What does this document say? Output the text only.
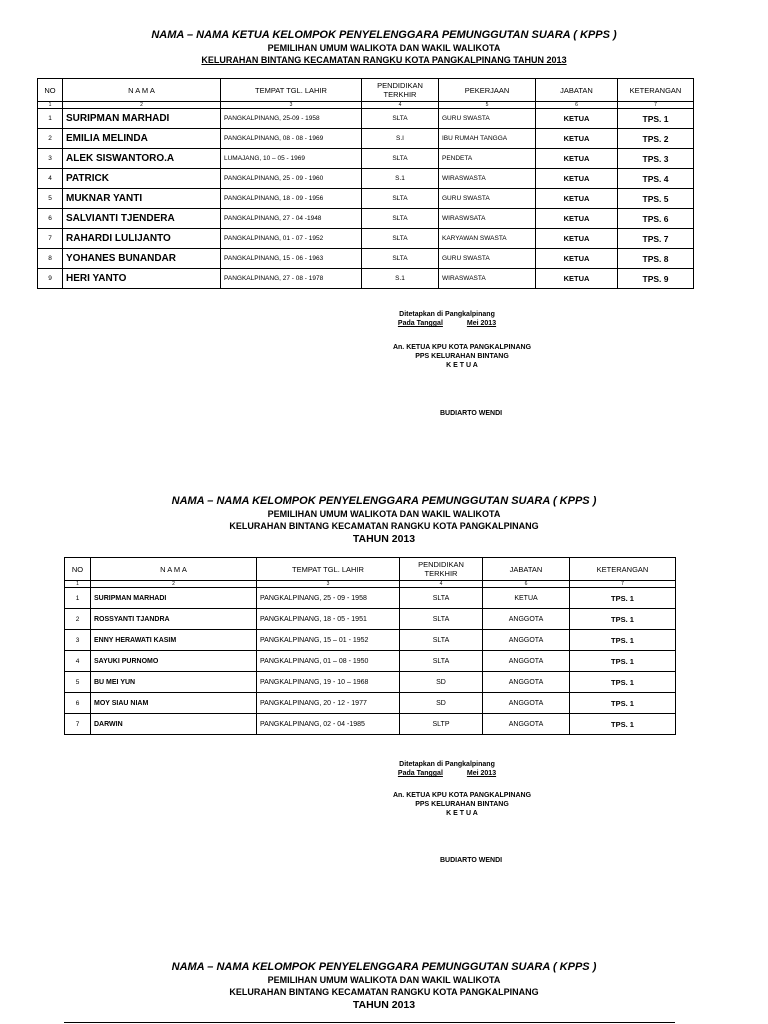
NAMA – NAMA KETUA KELOMPOK PENYELENGGARA PEMUNGGUTAN SUARA ( KPPS )
PEMILIHAN UMUM WALIKOTA DAN WAKIL WALIKOTA
KELURAHAN BINTANG KECAMATAN RANGKU KOTA PANGKALPINANG TAHUN 2013
NO	N A M A	TEMPAT TGL. LAHIR	PENDIDIKAN TERKHIR	PEKERJAAN	JABATAN	KETERANGAN
1	2	3	4	5	6	7
1	SURIPMAN MARHADI	PANGKALPINANG, 25-09 - 1958	SLTA	GURU SWASTA	KETUA	TPS. 1
2	EMILIA MELINDA	PANGKALPINANG, 08 - 08 - 1969	S.I	IBU RUMAH TANGGA	KETUA	TPS. 2
3	ALEK SISWANTORO.A	LUMAJANG, 10 – 05 - 1969	SLTA	PENDETA	KETUA	TPS. 3
4	PATRICK	PANGKALPINANG, 25 - 09 - 1960	S.1	WIRASWASTA	KETUA	TPS. 4
5	MUKNAR YANTI	PANGKALPINANG, 18 - 09 - 1956	SLTA	GURU SWASTA	KETUA	TPS. 5
6	SALVIANTI TJENDERA	PANGKALPINANG, 27 - 04 -1948	SLTA	WIRASWSATA	KETUA	TPS. 6
7	RAHARDI LULIJANTO	PANGKALPINANG, 01 - 07 - 1952	SLTA	KARYAWAN SWASTA	KETUA	TPS. 7
8	YOHANES BUNANDAR	PANGKALPINANG, 15 - 06 - 1963	SLTA	GURU SWASTA	KETUA	TPS. 8
9	HERI YANTO	PANGKALPINANG, 27 - 08 - 1978	S.1	WIRASWASTA	KETUA	TPS. 9
Ditetapkan di Pangkalpinang
Pada Tanggal	Mei 2013
An. KETUA KPU KOTA PANGKALPINANG
PPS KELURAHAN BINTANG
K E T U A
BUDIARTO WENDI
NAMA – NAMA KELOMPOK PENYELENGGARA PEMUNGGUTAN SUARA ( KPPS )
PEMILIHAN UMUM WALIKOTA DAN WAKIL WALIKOTA
KELURAHAN BINTANG KECAMATAN RANGKU KOTA PANGKALPINANG
TAHUN 2013
NO	N A M A	TEMPAT TGL. LAHIR	PENDIDIKAN TERKHIR	JABATAN	KETERANGAN
1	2	3	4	6	7
1	SURIPMAN MARHADI	PANGKALPINANG, 25 - 09 - 1958	SLTA	KETUA	TPS. 1
2	ROSSYANTI TJANDRA	PANGKALPINANG, 18 - 05 - 1951	SLTA	ANGGOTA	TPS. 1
3	ENNY HERAWATI KASIM	PANGKALPINANG, 15 – 01 - 1952	SLTA	ANGGOTA	TPS. 1
4	SAYUKI PURNOMO	PANGKALPINANG, 01 – 08 - 1950	SLTA	ANGGOTA	TPS. 1
5	BU MEI YUN	PANGKALPINANG, 19 - 10 – 1968	SD	ANGGOTA	TPS. 1
6	MOY SIAU NIAM	PANGKALPINANG, 20 - 12 - 1977	SD	ANGGOTA	TPS. 1
7	DARWIN	PANGKALPINANG, 02 - 04 -1985	SLTP	ANGGOTA	TPS. 1
Ditetapkan di Pangkalpinang
Pada Tanggal	Mei 2013
An. KETUA KPU KOTA PANGKALPINANG
PPS KELURAHAN BINTANG
K E T U A
BUDIARTO WENDI
NAMA – NAMA KELOMPOK PENYELENGGARA PEMUNGGUTAN SUARA ( KPPS )
PEMILIHAN UMUM WALIKOTA DAN WAKIL WALIKOTA
KELURAHAN BINTANG KECAMATAN RANGKU KOTA PANGKALPINANG
TAHUN 2013
